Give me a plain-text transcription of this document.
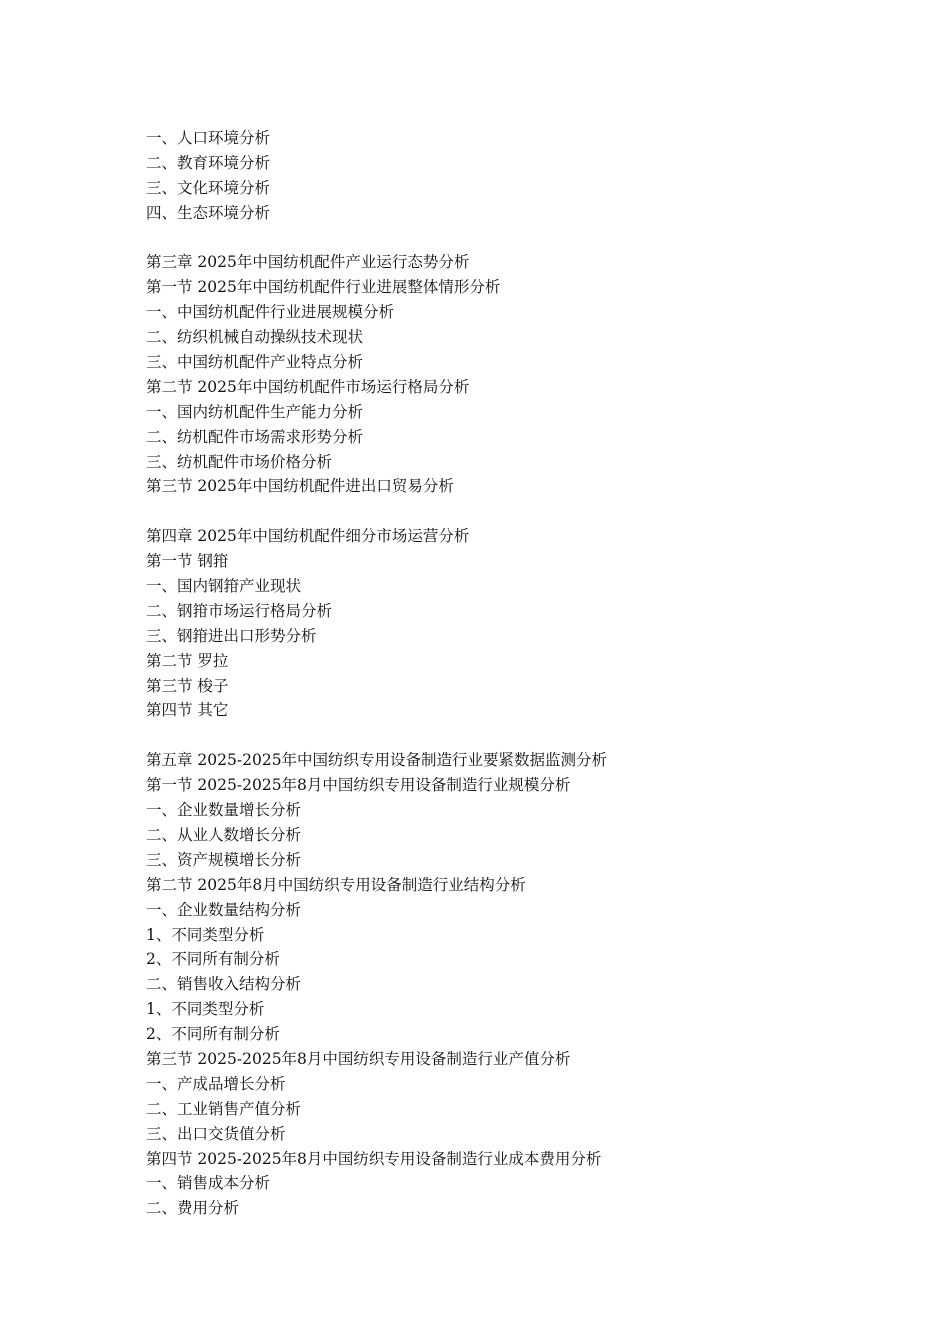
一、人口环境分析
二、教育环境分析
三、文化环境分析
四、生态环境分析
第三章 2025年中国纺机配件产业运行态势分析
第一节 2025年中国纺机配件行业进展整体情形分析
一、中国纺机配件行业进展规模分析
二、纺织机械自动操纵技术现状
三、中国纺机配件产业特点分析
第二节 2025年中国纺机配件市场运行格局分析
一、国内纺机配件生产能力分析
二、纺机配件市场需求形势分析
三、纺机配件市场价格分析
第三节 2025年中国纺机配件进出口贸易分析
第四章 2025年中国纺机配件细分市场运营分析
第一节 钢箝
一、国内钢箝产业现状
二、钢箝市场运行格局分析
三、钢箝进出口形势分析
第二节 罗拉
第三节 梭子
第四节 其它
第五章 2025-2025年中国纺织专用设备制造行业要紧数据监测分析
第一节 2025-2025年8月中国纺织专用设备制造行业规模分析
一、企业数量增长分析
二、从业人数增长分析
三、资产规模增长分析
第二节 2025年8月中国纺织专用设备制造行业结构分析
一、企业数量结构分析
1、不同类型分析
2、不同所有制分析
二、销售收入结构分析
1、不同类型分析
2、不同所有制分析
第三节 2025-2025年8月中国纺织专用设备制造行业产值分析
一、产成品增长分析
二、工业销售产值分析
三、出口交货值分析
第四节 2025-2025年8月中国纺织专用设备制造行业成本费用分析
一、销售成本分析
二、费用分析
